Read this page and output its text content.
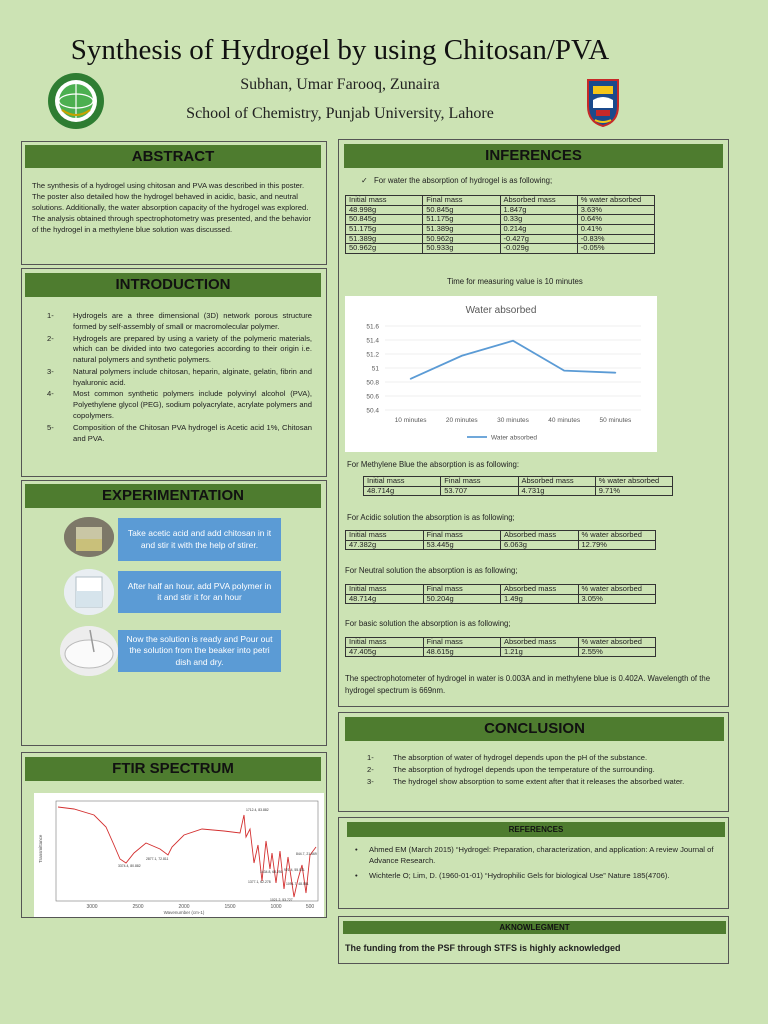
Synthesis of Hydrogel by using Chitosan/PVA
Subhan, Umar Farooq, Zunaira
School of Chemistry, Punjab University, Lahore
ABSTRACT
The synthesis of a hydrogel using chitosan and PVA was described in this poster. The poster also detailed how the hydrogel behaved in acidic, basic, and neutral solutions. Additionally, the water absorption capacity of the hydrogel was explored. The analysis obtained through spectrophotometry was presented, and the behavior of the hydrogel in a methylene blue solution was discussed.
INTRODUCTION
1-	Hydrogels are a three dimensional (3D) network porous structure formed by self-assembly of small or macromolecular polymer.
2-	Hydrogels are prepared by using a variety of the polymeric materials, which can be divided into two categories according to their origin i.e. natural polymers and synthetic polymers.
3-	Natural polymers include chitosan, heparin, alginate, gelatin, fibrin and hyaluronic acid.
4-	Most common synthetic polymers include polyvinyl alcohol (PVA), Polyethylene glycol (PEG), sodium polyacrylate, acrylate polymers and copolymers.
5-	Composition of the Chitosan PVA hydrogel is Acetic acid 1%, Chitosan and PVA.
EXPERIMENTATION
Take acetic acid and add chitosan in it and stir it with the help of stirer.
After half an hour, add PVA polymer in it and stir it for an hour
Now the solution is ready and Pour out the solution from the beaker into petri dish and dry.
FTIR SPECTRUM
Transmittance
Wavenumber (cm-1)
3000	2500	2000	1500	1000	500
1712.4, 83.882
3374.4, 80.882
2877.1, 72.811
1434.8, 68.250
1377.1, 62.278	1091.7, 48.581
1021.2, 53.727
844.7, 21.669
921.4, 55.001
INFERENCES
✓ For water the absorption of hydrogel is as following;
Initial mass	Final mass	Absorbed mass	% water absorbed
48.998g	50.845g	1.847g	3.63%
50.845g	51.175g	0.33g	0.64%
51.175g	51.389g	0.214g	0.41%
51.389g	50.962g	-0.427g	-0.83%
50.962g	50.933g	-0.029g	-0.05%
Time for measuring value is 10 minutes
Water absorbed
51.6
51.4
51.2
51
50.8
50.6
50.4
10 minutes	20 minutes	30 minutes	40 minutes	50 minutes
Water absorbed
For Methylene Blue the absorption is as following:
Initial mass	Final mass	Absorbed mass	% water absorbed
48.714g	53.707	4.731g	9.71%
For Acidic solution the absorption is as following;
Initial mass	Final mass	Absorbed mass	% water absorbed
47.382g	53.445g	6.063g	12.79%
For Neutral solution the absorption is as following;
Initial mass	Final mass	Absorbed mass	% water absorbed
48.714g	50.204g	1.49g	3.05%
For basic solution the absorption is as following;
Initial mass	Final mass	Absorbed mass	% water absorbed
47.405g	48.615g	1.21g	2.55%
The spectrophotometer of hydrogel in water is 0.003A and in methylene blue is 0.402A. Wavelength of the hydrogel spectrum is 669nm.
CONCLUSION
1-	The absorption of water of hydrogel depends upon the pH of the substance.
2-	The absorption of hydrogel depends upon the temperature of the surrounding.
3-	The hydrogel show absorption to some extent after that it releases the absorbed water.
REFERENCES
•	Ahmed EM (March 2015) “Hydrogel: Preparation, characterization, and application: A review Journal of Advance Research.
•	Wichterle O; Lim, D. (1960-01-01) “Hydrophilic Gels for biological Use” Nature 185(4706).
AKNOWLEGMENT
The funding from the PSF through STFS is highly acknowledged
